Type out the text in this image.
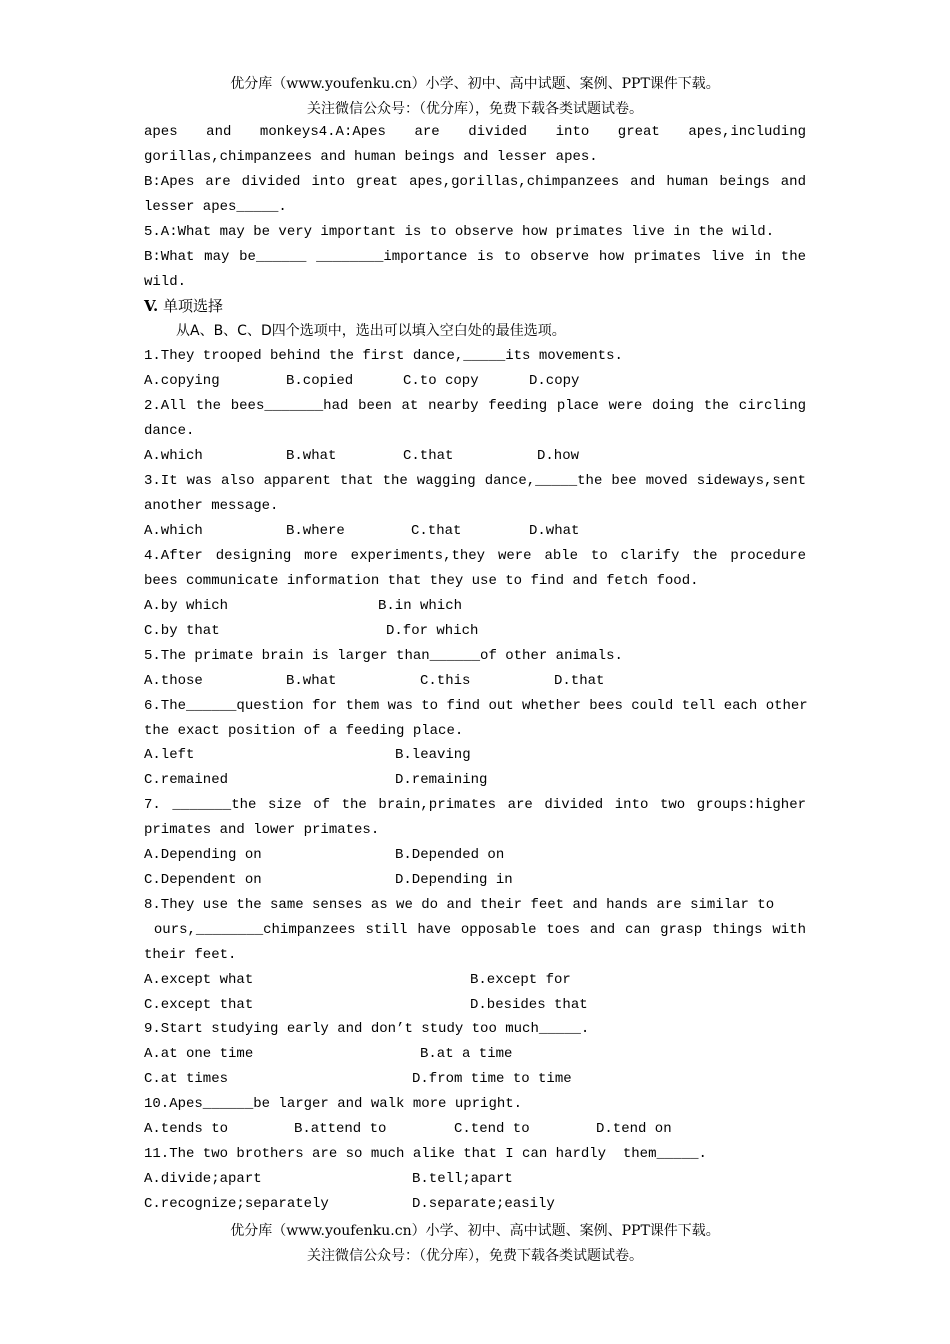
优分库（www.youfenku.cn）小学、初中、高中试题、案例、PPT课件下载。
关注微信公众号：（优分库），免费下载各类试题试卷。
apes and monkeys4.A:Apes are divided into great apes,including
gorillas,chimpanzees and human beings and lesser apes.
B:Apes are divided into great apes,gorillas,chimpanzees and human beings and
lesser apes_____.
5.A:What may be very important is to observe how primates live in the wild.
B:What may be______ ________importance is to observe how primates live in the
wild.
V. 单项选择
从A、B、C、D四个选项中，选出可以填入空白处的最佳选项。
1.They trooped behind the first dance,_____its movements.
A.copying	B.copied	C.to copy	D.copy
2.All the bees_______had been at nearby feeding place were doing the circling
dance.
A.which	B.what	C.that	D.how
3.It was also apparent that the wagging dance,_____the bee moved sideways,sent
another message.
A.which	B.where	C.that	D.what
4.After designing more experiments,they were able to clarify the procedure
bees communicate information that they use to find and fetch food.
A.by which	B.in which
C.by that	D.for which
5.The primate brain is larger than______of other animals.
A.those	B.what	C.this	D.that
6.The______question for them was to find out whether bees could tell each other
the exact position of a feeding place.
A.left	B.leaving
C.remained	D.remaining
7. _______the size of the brain,primates are divided into two groups:higher
primates and lower primates.
A.Depending on	B.Depended on
C.Dependent on	D.Depending in
8.They use the same senses as we do and their feet and hands are similar to
ours,________chimpanzees still have opposable toes and can grasp things with
their feet.
A.except what	B.except for
C.except that	D.besides that
9.Start studying early and don’t study too much_____.
A.at one time	B.at a time
C.at times	D.from time to time
10.Apes______be larger and walk more upright.
A.tends to	B.attend to	C.tend to	D.tend on
11.The two brothers are so much alike that I can hardly  them_____.
A.divide;apart	B.tell;apart
C.recognize;separately	D.separate;easily
优分库（www.youfenku.cn）小学、初中、高中试题、案例、PPT课件下载。
关注微信公众号：（优分库），免费下载各类试题试卷。
